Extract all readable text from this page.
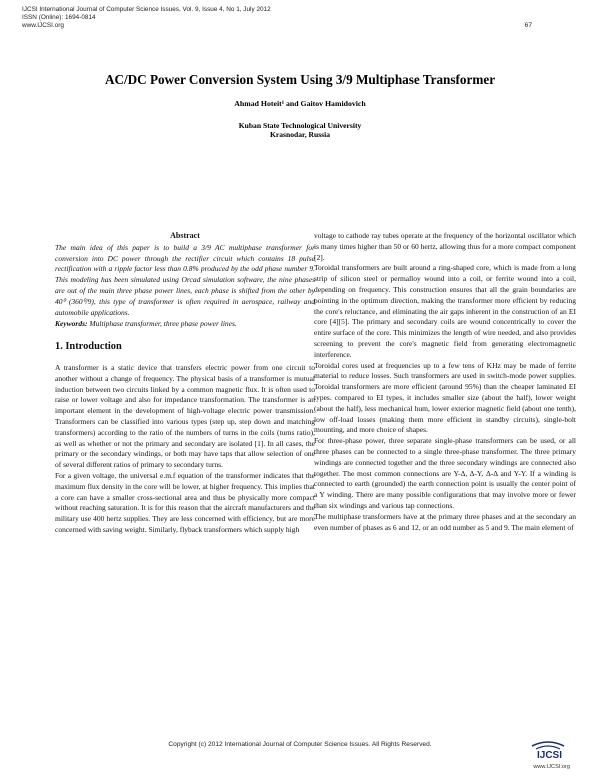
IJCSI International Journal of Computer Science Issues, Vol. 9, Issue 4, No 1, July 2012
ISSN (Online): 1694-0814
www.IJCSI.org	67
AC/DC Power Conversion System Using 3/9 Multiphase Transformer
Ahmad Hoteit¹ and Gaitov Hamidovich
Kuban State Technological University
Krasnodar, Russia
Abstract

The main idea of this paper is to build a 3/9 AC multiphase transformer for conversion into DC power through the rectifier circuit which contains 18 pulse rectification with a ripple factor less than 0.8% produced by the odd phase number 9. This modeling has been simulated using Orcad simulation software, the nine phases are out of the main three phase power lines, each phase is shifted from the other by 40⁰ (360⁰/9), this type of transformer is often required in aerospace, railway and automobile applications.

Keywords: Multiphase transformer, three phase power lines.

1. Introduction

A transformer is a static device that transfers electric power from one circuit to another without a change of frequency. The physical basis of a transformer is mutual induction between two circuits linked by a common magnetic flux. It is often used to raise or lower voltage and also for impedance transformation. The transformer is an important element in the development of high-voltage electric power transmission. Transformers can be classified into various types (step up, step down and matching transformers) according to the ratio of the numbers of turns in the coils (turns ratio), as well as whether or not the primary and secondary are isolated [1]. In all cases, the primary or the secondary windings, or both may have taps that allow selection of one of several different ratios of primary to secondary turns.

For a given voltage, the universal e.m.f equation of the transformer indicates that the maximum flux density in the core will be lower, at higher frequency. This implies that a core can have a smaller cross-sectional area and thus be physically more compact without reaching saturation. It is for this reason that the aircraft manufacturers and the military use 400 hertz supplies. They are less concerned with efficiency, but are more concerned with saving weight. Similarly, flyback transformers which supply high

voltage to cathode ray tubes operate at the frequency of the horizontal oscillator which is many times higher than 50 or 60 hertz, allowing thus for a more compact component [2].

Toroidal transformers are built around a ring-shaped core, which is made from a long strip of silicon steel or permalloy wound into a coil, or ferrite wound into a coil, depending on frequency. This construction ensures that all the grain boundaries are pointing in the optimum direction, making the transformer more efficient by reducing the core's reluctance, and eliminating the air gaps inherent in the construction of an EI core [4][5]. The primary and secondary coils are wound concentrically to cover the entire surface of the core. This minimizes the length of wire needed, and also provides screening to prevent the core's magnetic field from generating electromagnetic interference.

Toroidal cores used at frequencies up to a few tens of KHz may be made of ferrite material to reduce losses. Such transformers are used in switch-mode power supplies. Toroidal transformers are more efficient (around 95%) than the cheaper laminated EI types. compared to EI types, it includes smaller size (about the half), lower weight (about the half), less mechanical hum, lower exterior magnetic field (about one tenth), low off-load losses (making them more efficient in standby circuits), single-bolt mounting, and more choice of shapes.

For three-phase power, three separate single-phase transformers can be used, or all three phases can be connected to a single three-phase transformer. The three primary windings are connected together and the three secondary windings are connected also together. The most common connections are Y-Δ, Δ-Y, Δ-Δ and Y-Y. If a winding is connected to earth (grounded) the earth connection point is usually the center point of a Y winding. There are many possible configurations that may involve more or fewer than six windings and various tap connections.

The multiphase transformers have at the primary three phases and at the secondary an even number of phases as 6 and 12, or an odd number as 5 and 9. The main element of

Copyright (c) 2012 International Journal of Computer Science Issues. All Rights Reserved.
IJCSI
www.IJCSI.org
